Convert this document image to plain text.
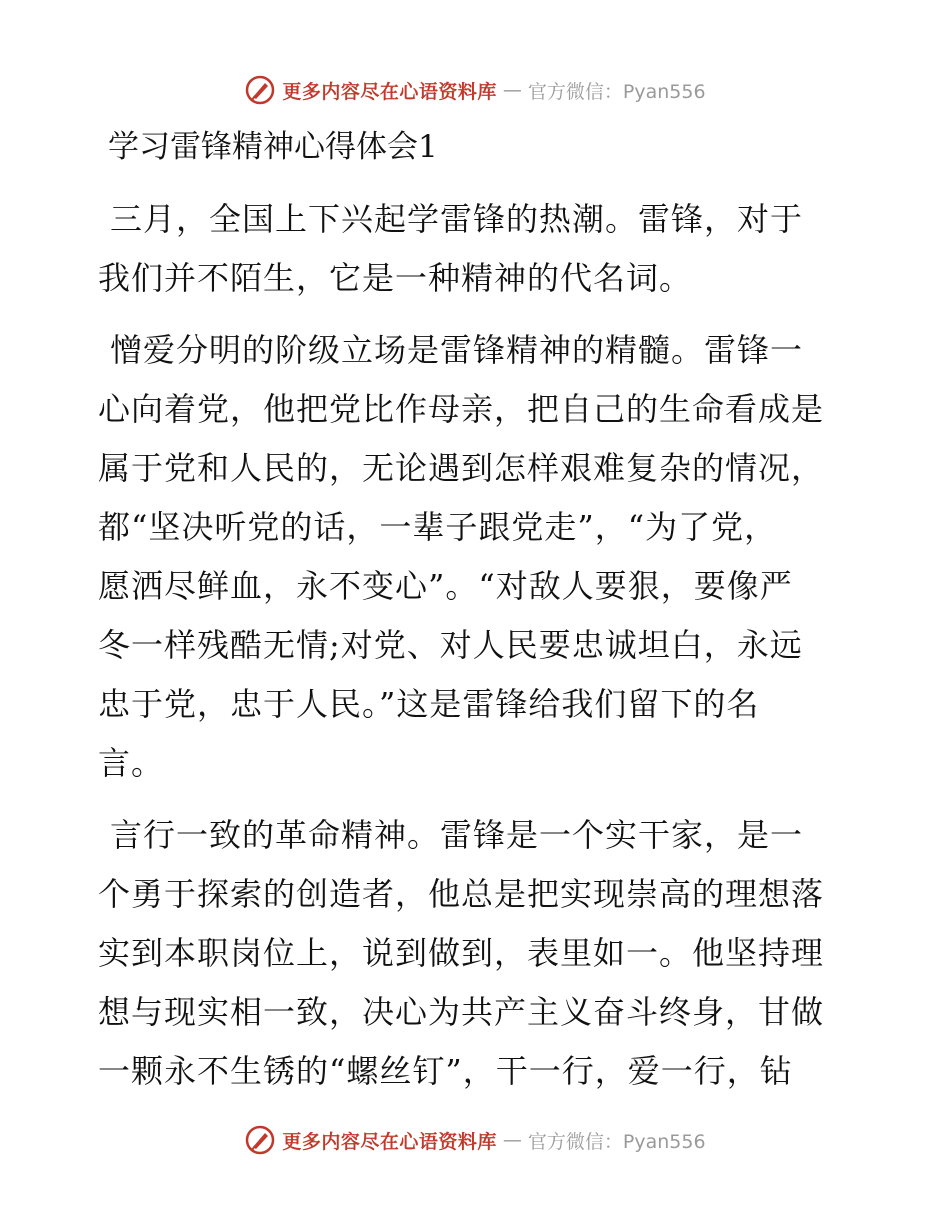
更多内容尽在心语资料库 — 官方微信：Pyan556
学习雷锋精神心得体会1
三月，全国上下兴起学雷锋的热潮。雷锋，对于
我们并不陌生，它是一种精神的代名词。
憎爱分明的阶级立场是雷锋精神的精髓。雷锋一
心向着党，他把党比作母亲，把自己的生命看成是
属于党和人民的，无论遇到怎样艰难复杂的情况，
都“坚决听党的话，一辈子跟党走”，“为了党，
愿洒尽鲜血，永不变心”。“对敌人要狠，要像严
冬一样残酷无情;对党、对人民要忠诚坦白，永远
忠于党，忠于人民。”这是雷锋给我们留下的名
言。
言行一致的革命精神。雷锋是一个实干家，是一
个勇于探索的创造者，他总是把实现崇高的理想落
实到本职岗位上，说到做到，表里如一。他坚持理
想与现实相一致，决心为共产主义奋斗终身，甘做
一颗永不生锈的“螺丝钉”，干一行，爱一行，钻
更多内容尽在心语资料库 — 官方微信：Pyan556
